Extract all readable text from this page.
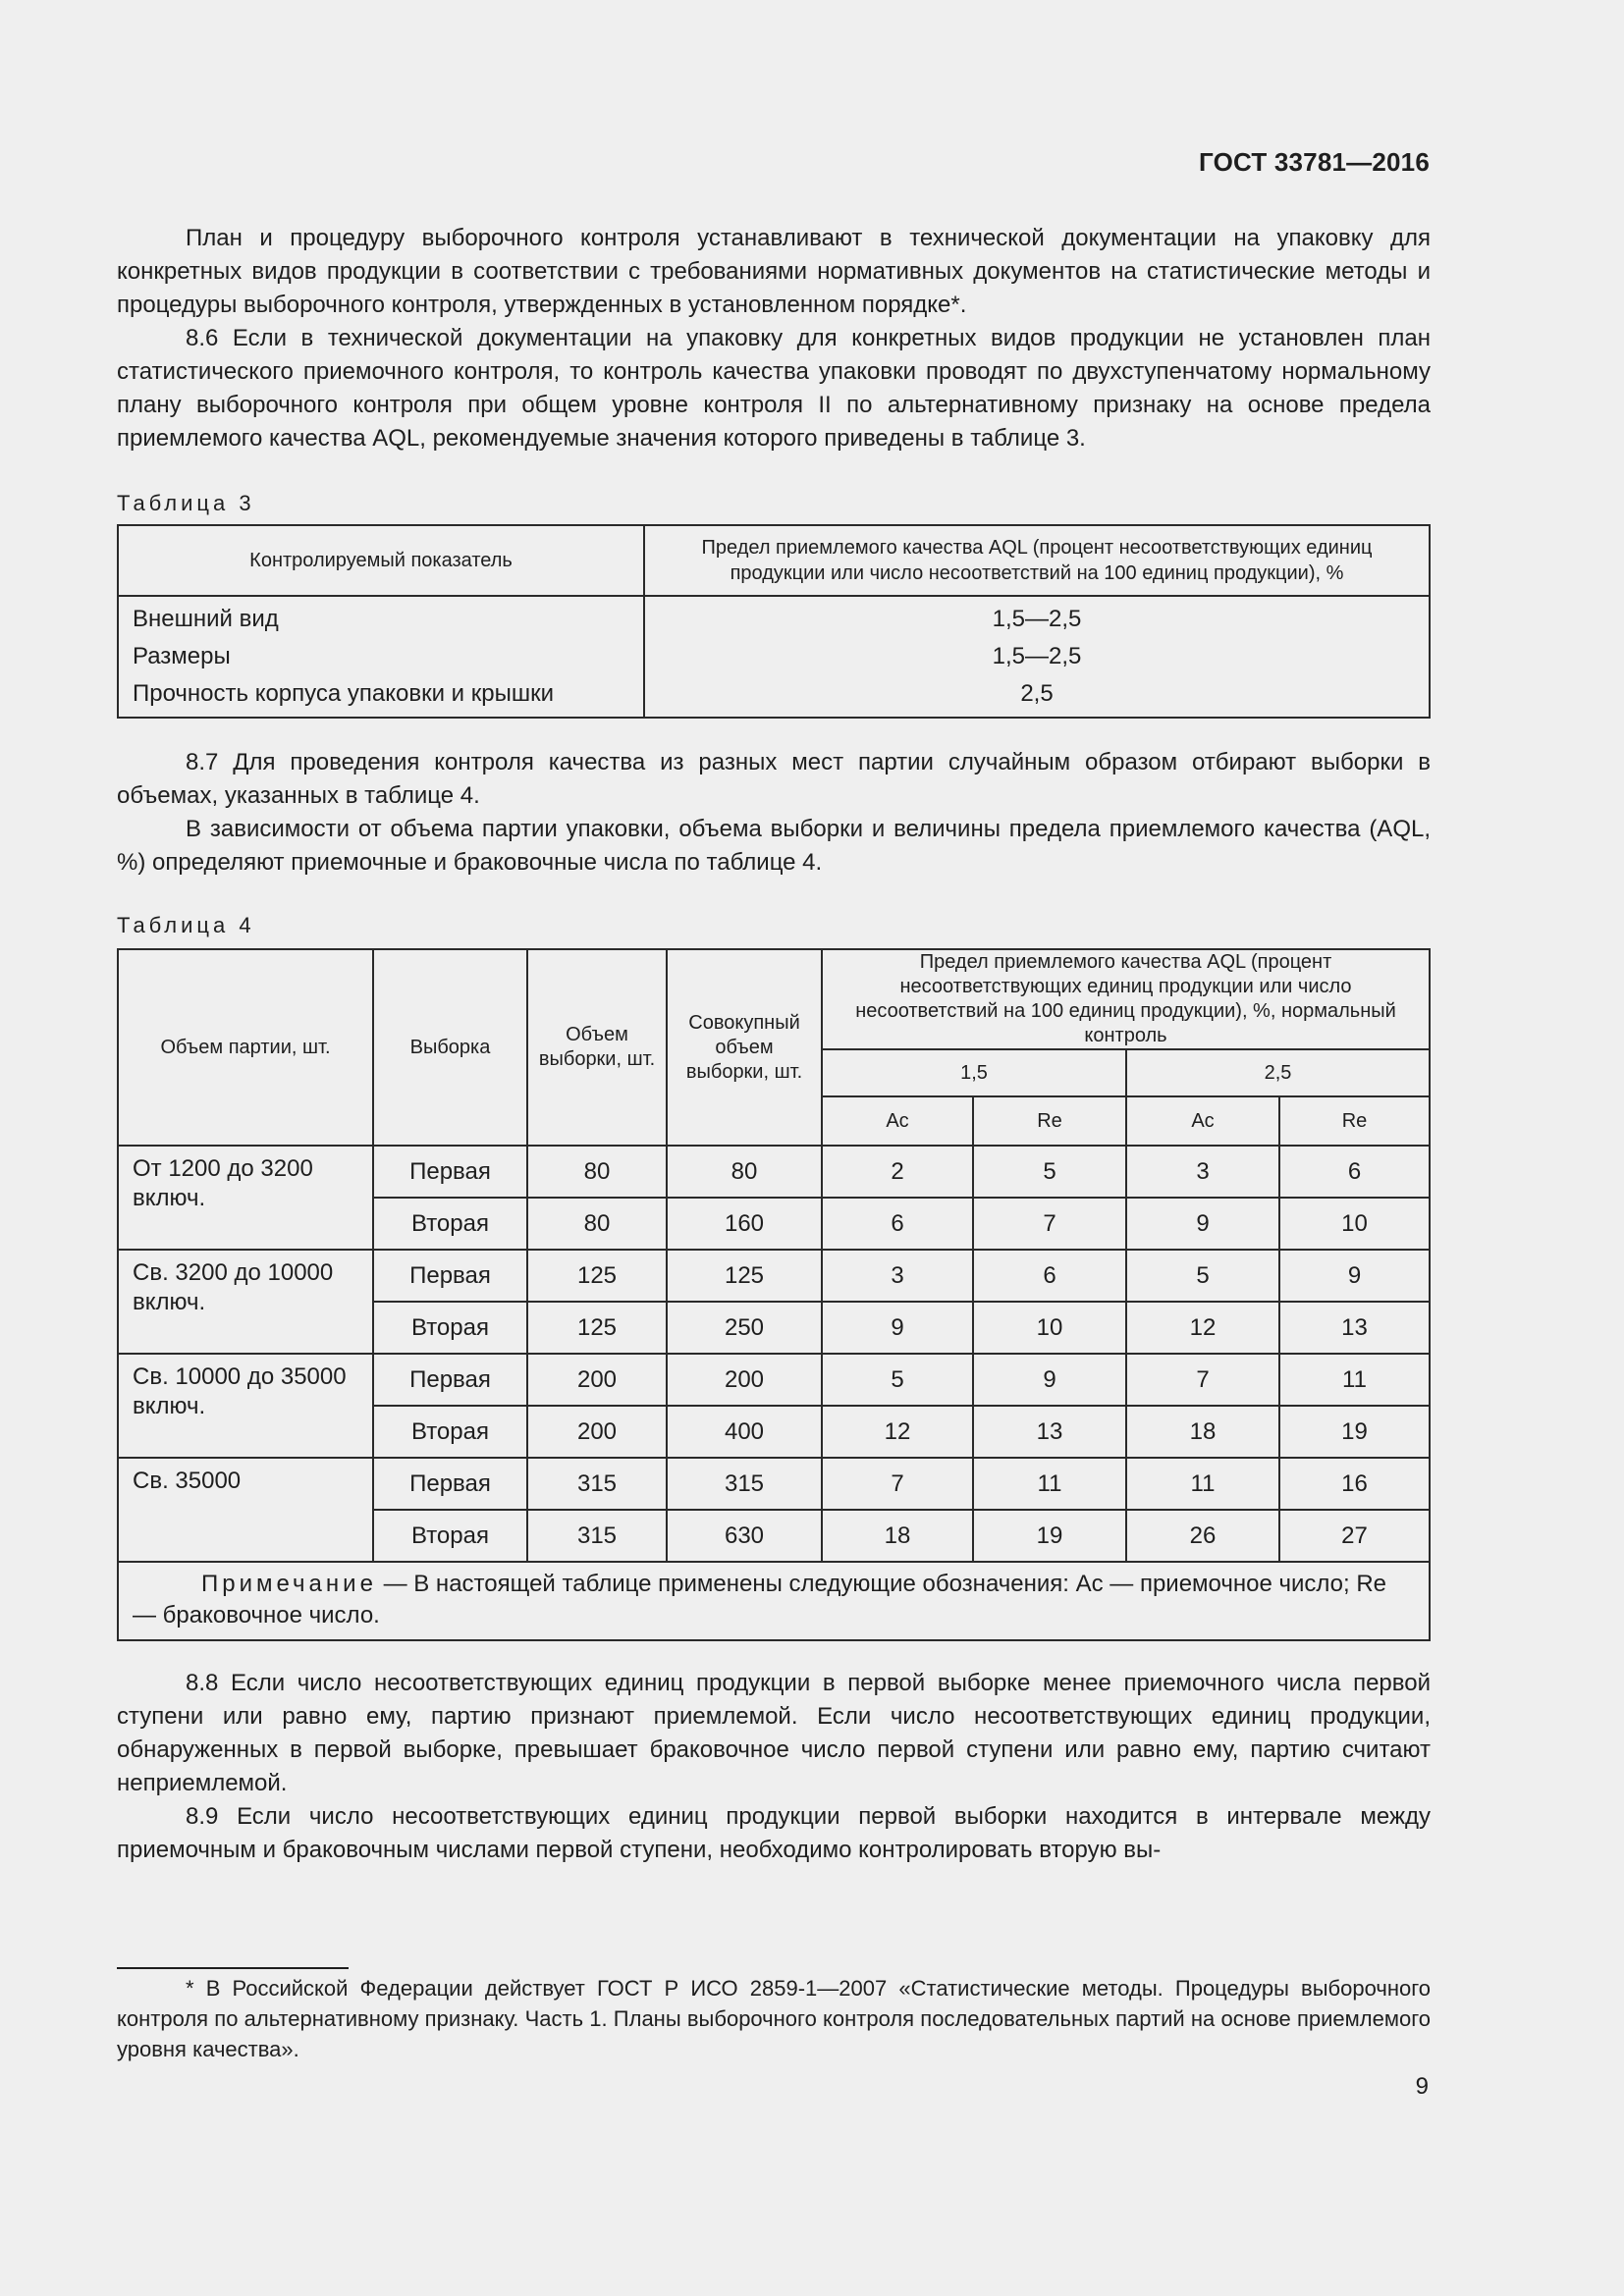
ГОСТ 33781—2016

План и процедуру выборочного контроля устанавливают в технической документации на упаковку для конкретных видов продукции в соответствии с требованиями нормативных документов на статистические методы и процедуры выборочного контроля, утвержденных в установленном порядке*.

8.6 Если в технической документации на упаковку для конкретных видов продукции не установлен план статистического приемочного контроля, то контроль качества упаковки проводят по двухступенчатому нормальному плану выборочного контроля при общем уровне контроля II по альтернативному признаку на основе предела приемлемого качества AQL, рекомендуемые значения которого приведены в таблице 3.

Таблица 3
Контролируемый показатель	Предел приемлемого качества AQL (процент несоответствующих единиц продукции или число несоответствий на 100 единиц продукции), %
Внешний вид	1,5—2,5
Размеры	1,5—2,5
Прочность корпуса упаковки и крышки	2,5

8.7 Для проведения контроля качества из разных мест партии случайным образом отбирают выборки в объемах, указанных в таблице 4.

В зависимости от объема партии упаковки, объема выборки и величины предела приемлемого качества (AQL, %) определяют приемочные и браковочные числа по таблице 4.

Таблица 4
Объем партии, шт.	Выборка	Объем выборки, шт.	Совокупный объем выборки, шт.	Предел приемлемого качества AQL (процент несоответствующих единиц продукции или число несоответствий на 100 единиц продукции), %, нормальный контроль			
				1,5		2,5	
				Ac	Re	Ac	Re
От 1200 до 3200 включ.	Первая	80	80	2	5	3	6
	Вторая	80	160	6	7	9	10
Св. 3200 до 10000 включ.	Первая	125	125	3	6	5	9
	Вторая	125	250	9	10	12	13
Св. 10000 до 35000 включ.	Первая	200	200	5	9	7	11
	Вторая	200	400	12	13	18	19
Св. 35000	Первая	315	315	7	11	11	16
	Вторая	315	630	18	19	26	27
Примечание — В настоящей таблице применены следующие обозначения: Ac — приемочное число; Re — браковочное число.							

8.8 Если число несоответствующих единиц продукции в первой выборке менее приемочного числа первой ступени или равно ему, партию признают приемлемой. Если число несоответствующих единиц продукции, обнаруженных в первой выборке, превышает браковочное число первой ступени или равно ему, партию считают неприемлемой.

8.9 Если число несоответствующих единиц продукции первой выборки находится в интервале между приемочным и браковочным числами первой ступени, необходимо контролировать вторую вы-

* В Российской Федерации действует ГОСТ Р ИСО 2859-1—2007 «Статистические методы. Процедуры выборочного контроля по альтернативному признаку. Часть 1. Планы выборочного контроля последовательных партий на основе приемлемого уровня качества».

9
